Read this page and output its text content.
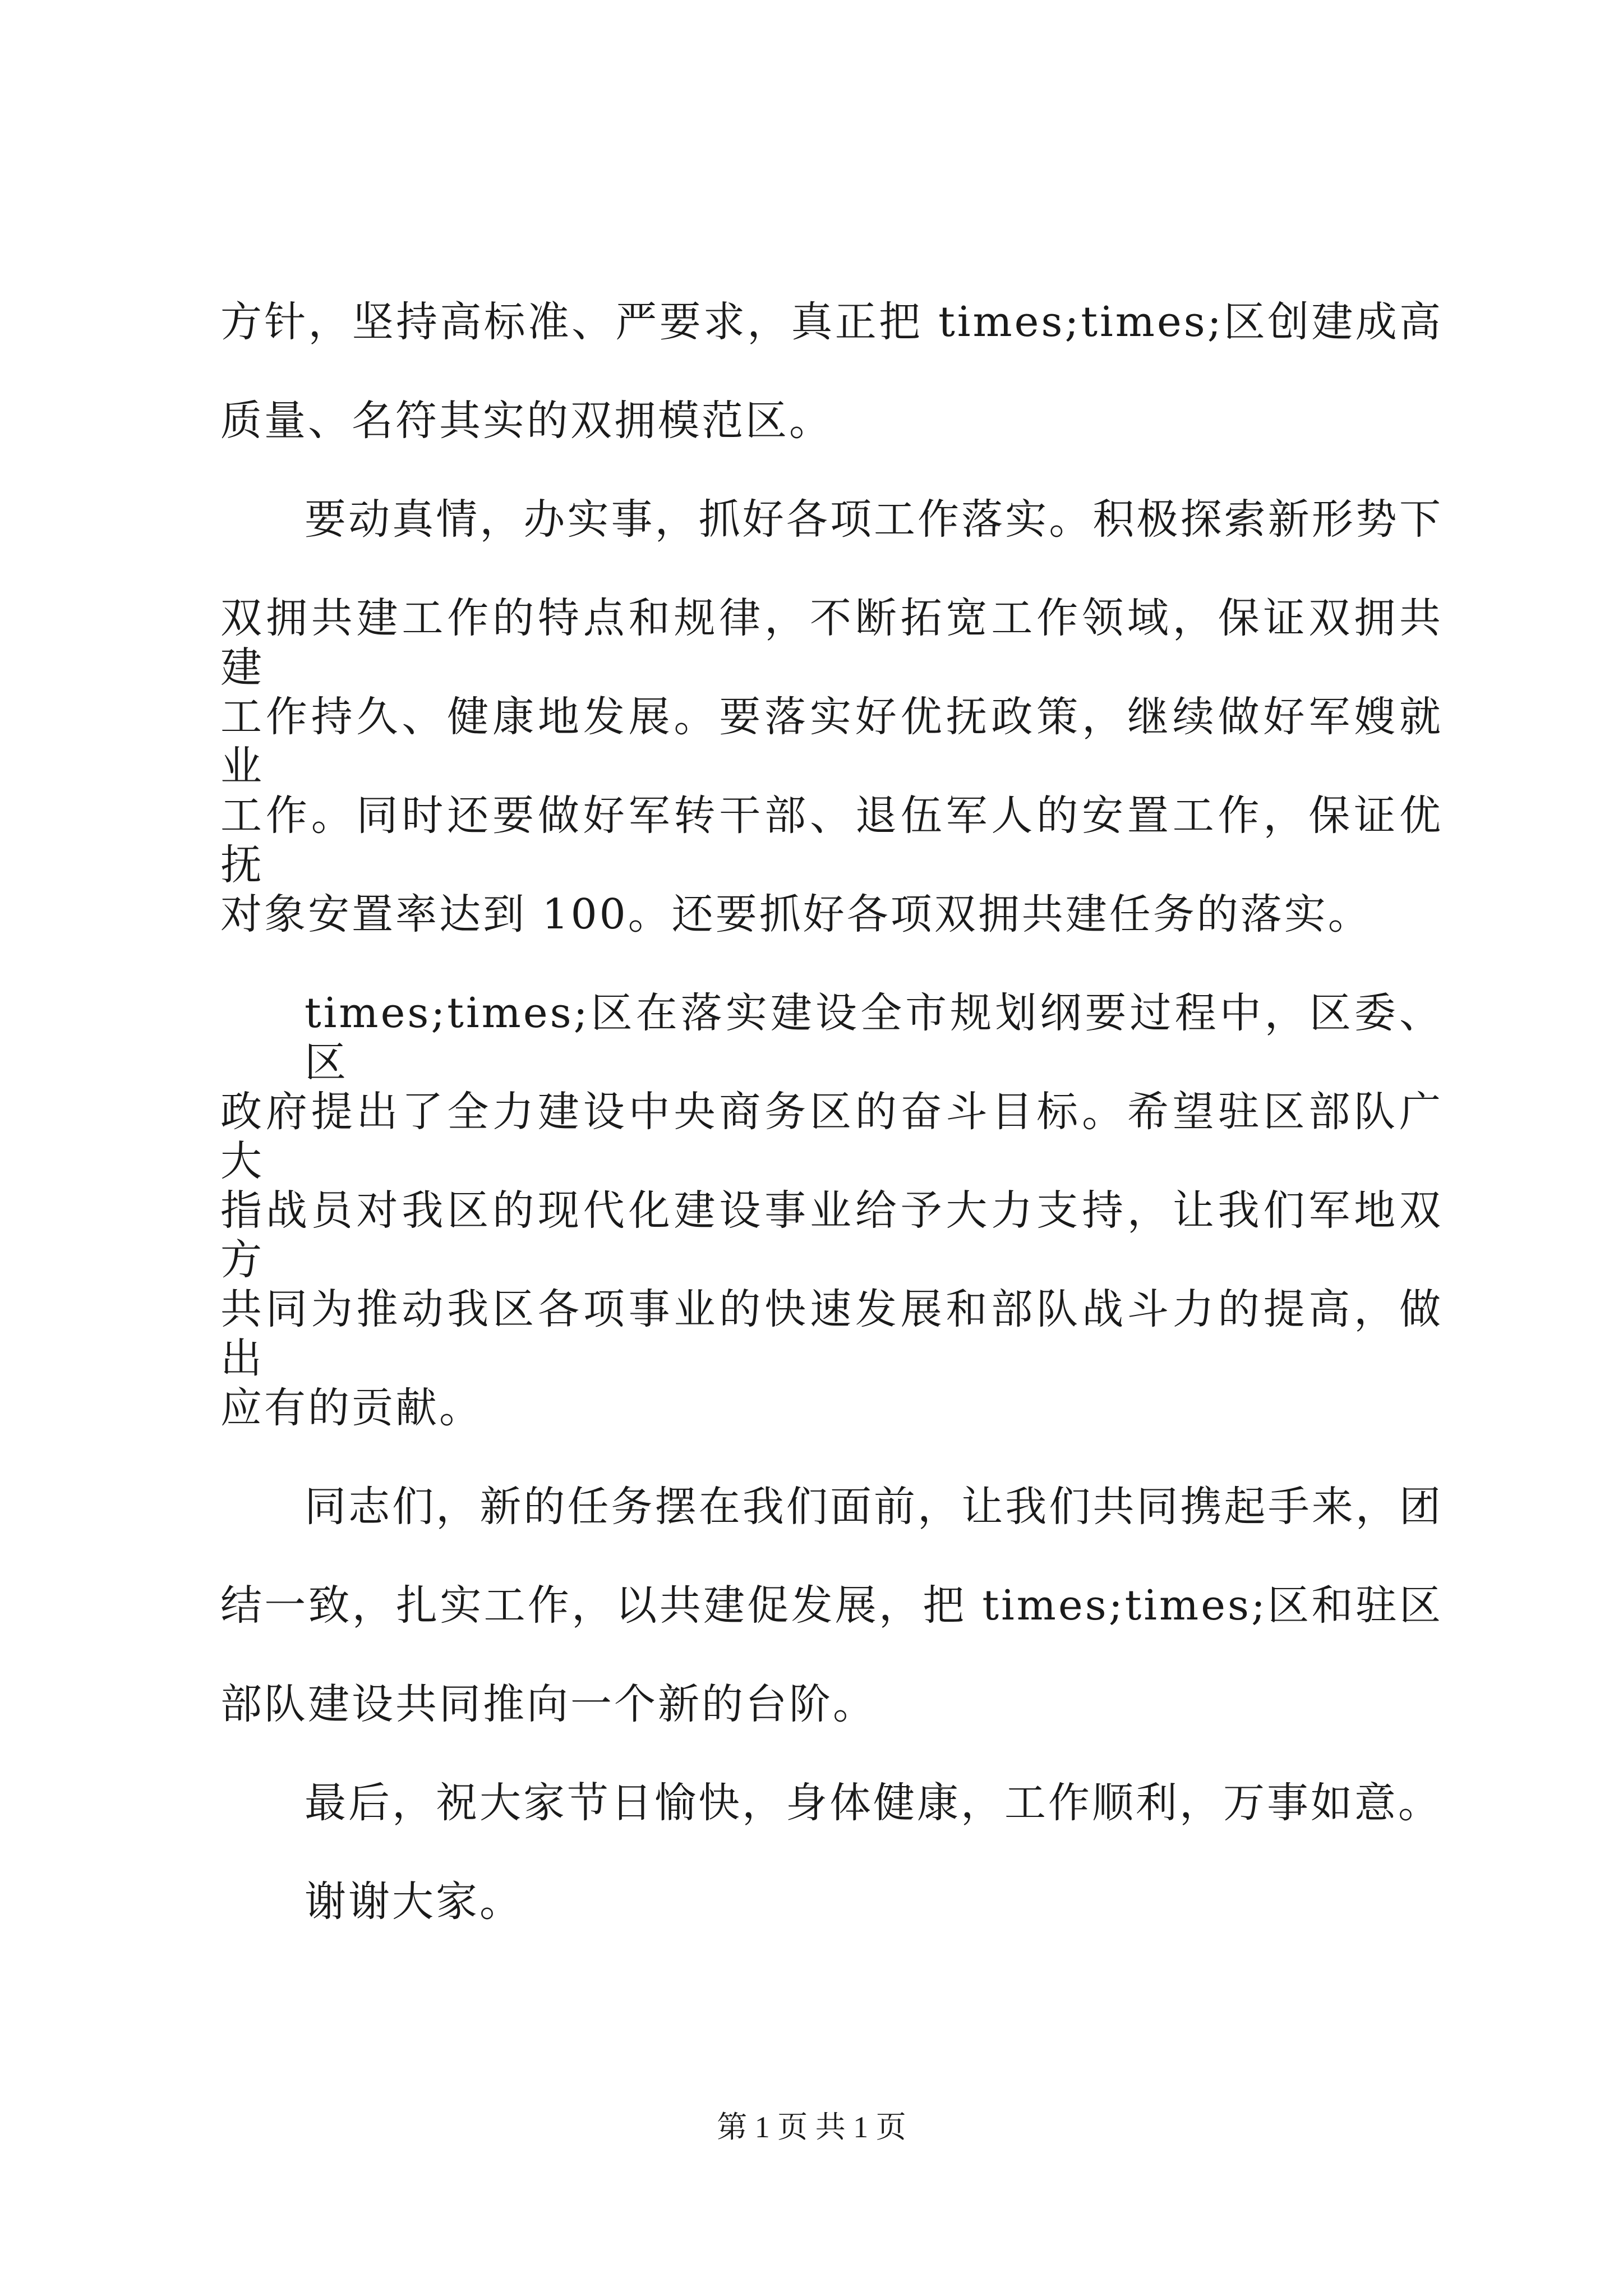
方针，坚持高标准、严要求，真正把 times;times;区创建成高
质量、名符其实的双拥模范区。
要动真情，办实事，抓好各项工作落实。积极探索新形势下
双拥共建工作的特点和规律，不断拓宽工作领域，保证双拥共建
工作持久、健康地发展。要落实好优抚政策，继续做好军嫂就业
工作。同时还要做好军转干部、退伍军人的安置工作，保证优抚
对象安置率达到 100。还要抓好各项双拥共建任务的落实。
times;times;区在落实建设全市规划纲要过程中，区委、区
政府提出了全力建设中央商务区的奋斗目标。希望驻区部队广大
指战员对我区的现代化建设事业给予大力支持，让我们军地双方
共同为推动我区各项事业的快速发展和部队战斗力的提高，做出
应有的贡献。
同志们，新的任务摆在我们面前，让我们共同携起手来，团
结一致，扎实工作，以共建促发展，把 times;times;区和驻区
部队建设共同推向一个新的台阶。
最后，祝大家节日愉快，身体健康，工作顺利，万事如意。
谢谢大家。
第 1 页 共 1 页
